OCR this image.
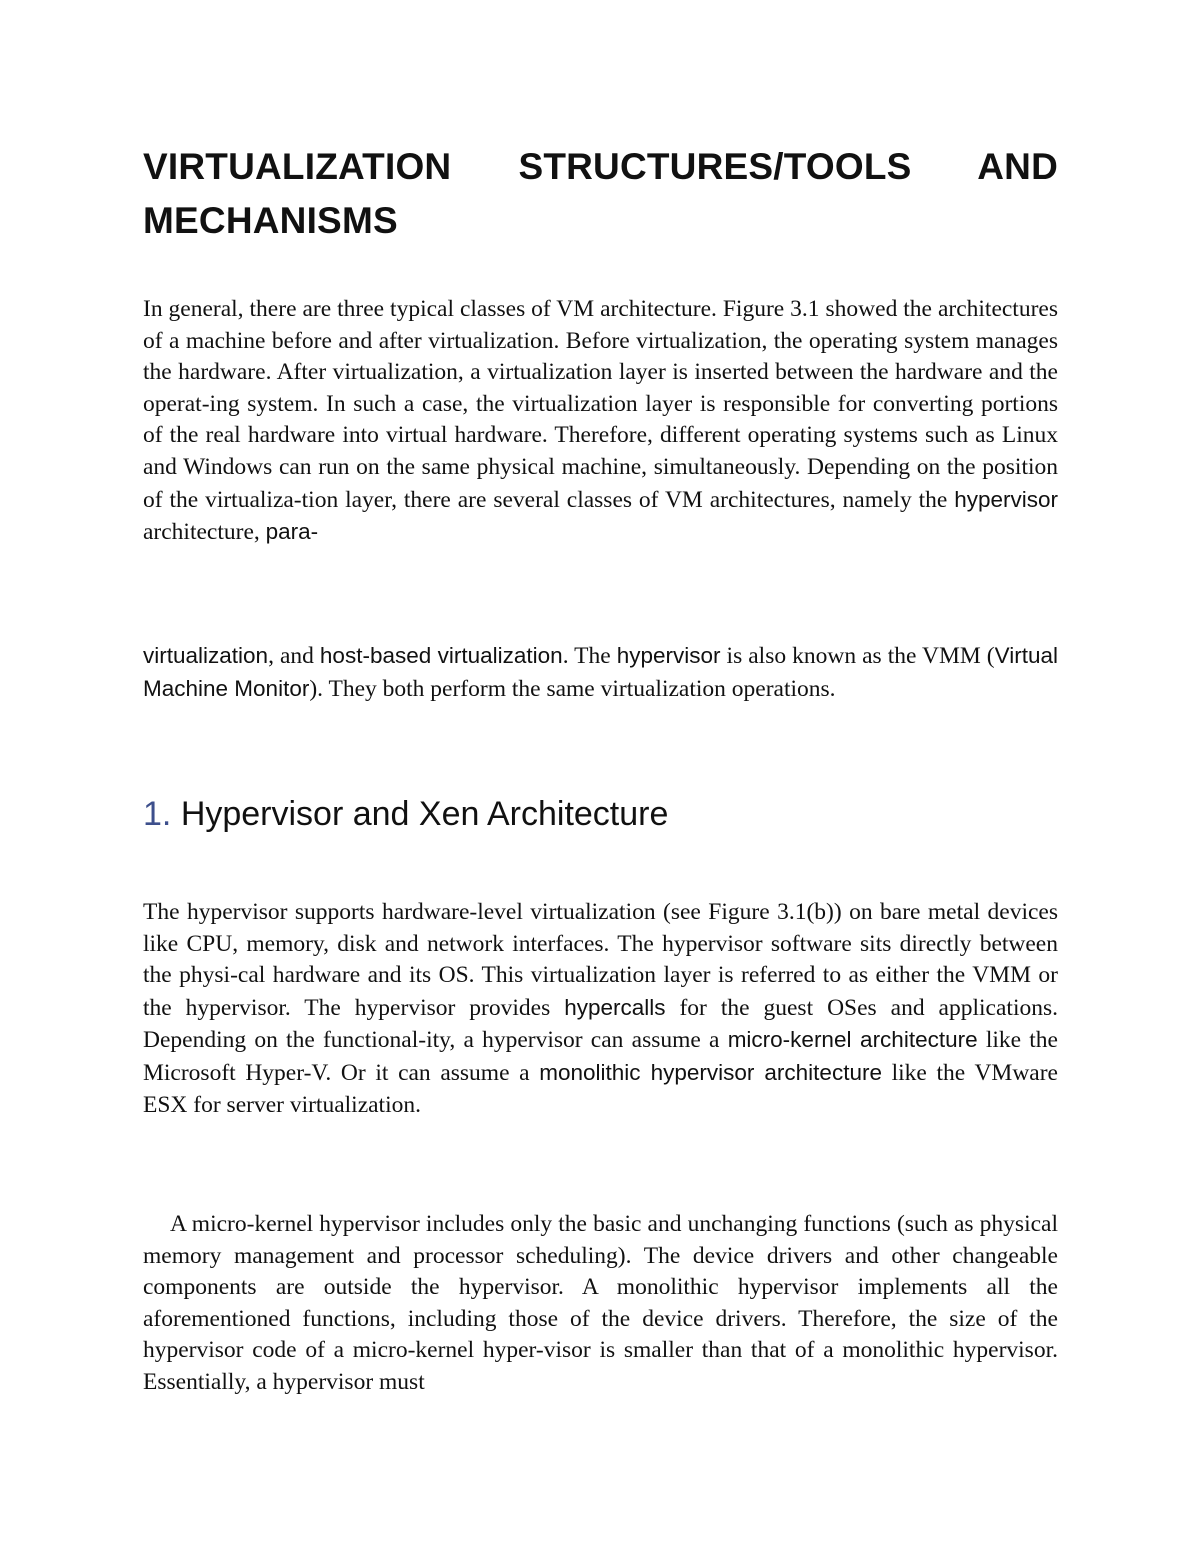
VIRTUALIZATION STRUCTURES/TOOLS AND MECHANISMS

In general, there are three typical classes of VM architecture. Figure 3.1 showed the architectures of a machine before and after virtualization. Before virtualization, the operating system manages the hardware. After virtualization, a virtualization layer is inserted between the hardware and the operat-ing system. In such a case, the virtualization layer is responsible for converting portions of the real hardware into virtual hardware. Therefore, different operating systems such as Linux and Windows can run on the same physical machine, simultaneously. Depending on the position of the virtualiza-tion layer, there are several classes of VM architectures, namely the hypervisor architecture, para-

virtualization, and host-based virtualization. The hypervisor is also known as the VMM (Virtual Machine Monitor). They both perform the same virtualization operations.

1. Hypervisor and Xen Architecture

The hypervisor supports hardware-level virtualization (see Figure 3.1(b)) on bare metal devices like CPU, memory, disk and network interfaces. The hypervisor software sits directly between the physi-cal hardware and its OS. This virtualization layer is referred to as either the VMM or the hypervisor. The hypervisor provides hypercalls for the guest OSes and applications. Depending on the functional-ity, a hypervisor can assume a micro-kernel architecture like the Microsoft Hyper-V. Or it can assume a monolithic hypervisor architecture like the VMware ESX for server virtualization.

A micro-kernel hypervisor includes only the basic and unchanging functions (such as physical memory management and processor scheduling). The device drivers and other changeable components are outside the hypervisor. A monolithic hypervisor implements all the aforementioned functions, including those of the device drivers. Therefore, the size of the hypervisor code of a micro-kernel hyper-visor is smaller than that of a monolithic hypervisor. Essentially, a hypervisor must
